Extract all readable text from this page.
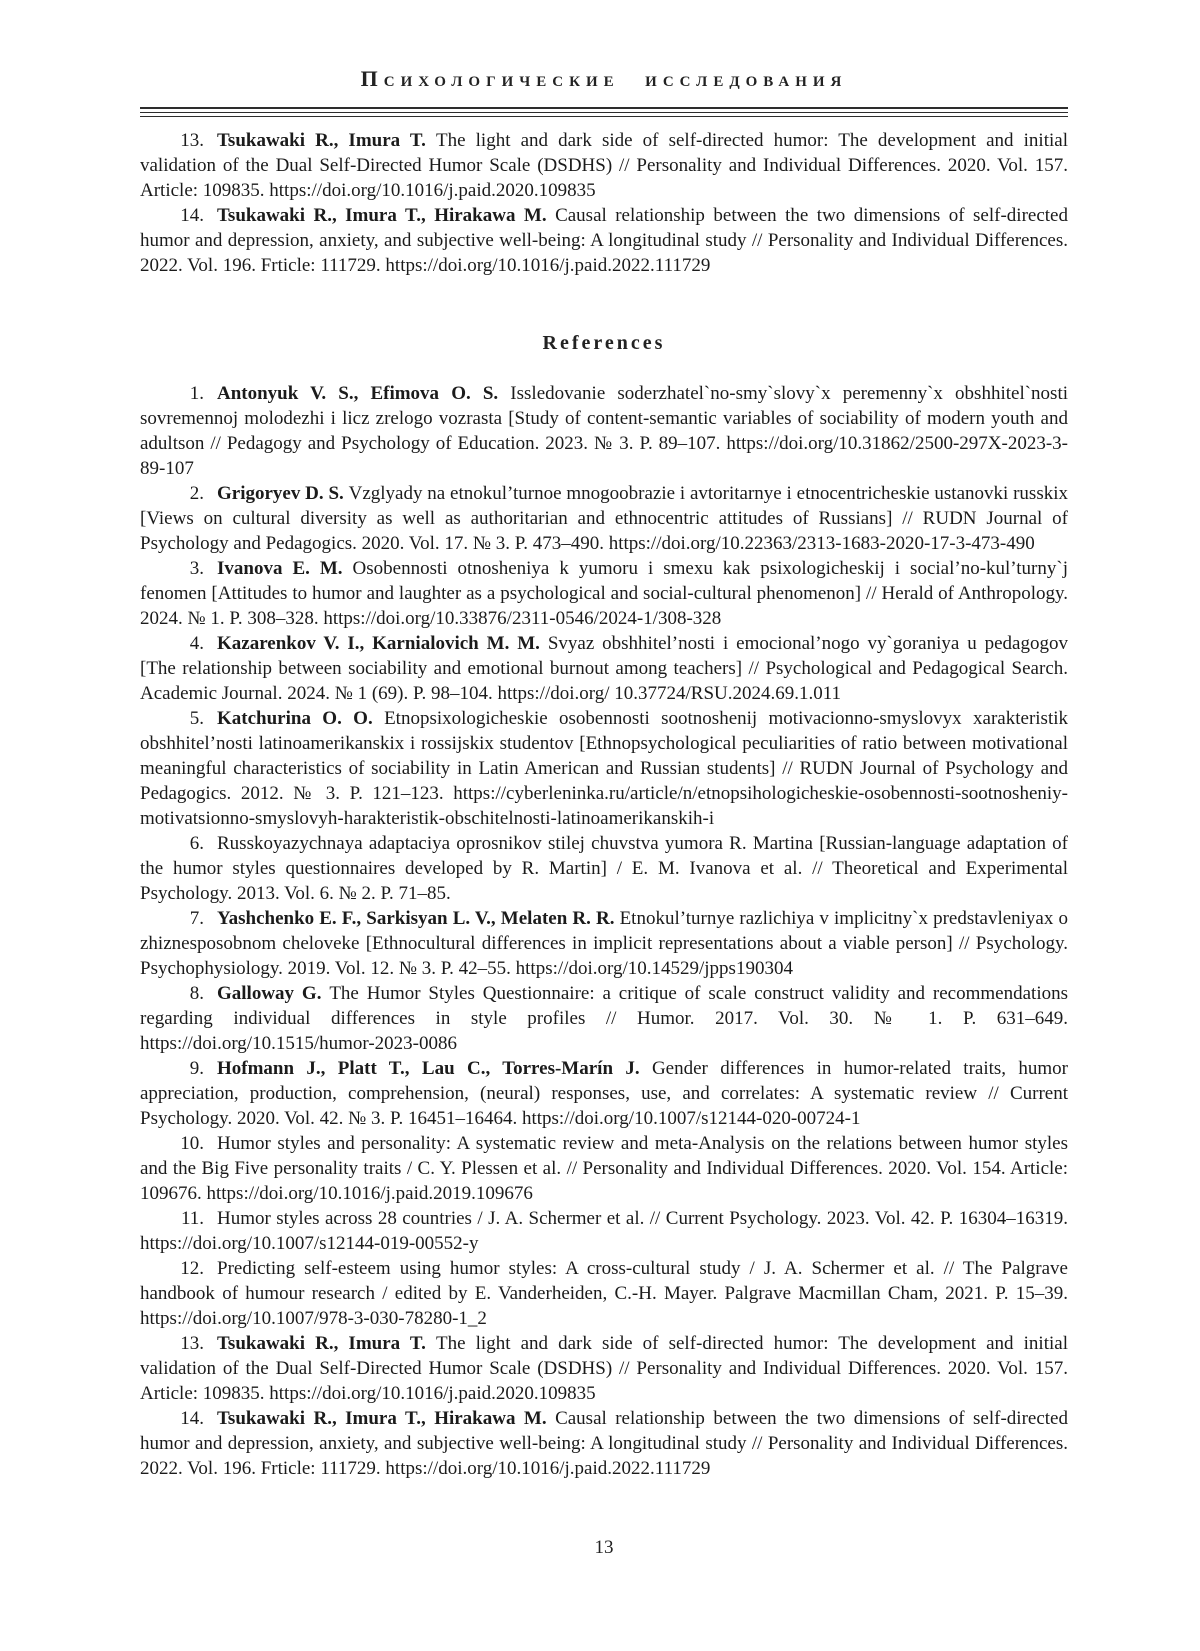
Психологические исследования

13. Tsukawaki R., Imura T. The light and dark side of self-directed humor: The development and initial validation of the Dual Self-Directed Humor Scale (DSDHS) // Personality and Individual Differences. 2020. Vol. 157. Article: 109835. https://doi.org/10.1016/j.paid.2020.109835

14. Tsukawaki R., Imura T., Hirakawa M. Causal relationship between the two dimensions of self-directed humor and depression, anxiety, and subjective well-being: A longitudinal study // Personality and Individual Differences. 2022. Vol. 196. Frticle: 111729. https://doi.org/10.1016/j.paid.2022.111729

References

1. Antonyuk V. S., Efimova O. S. Issledovanie soderzhatel`no-smy`slovy`x peremenny`x obshhitel`nosti sovremennoj molodezhi i licz zrelogo vozrasta [Study of content-semantic variables of sociability of modern youth and adultson // Pedagogy and Psychology of Education. 2023. № 3. P. 89–107. https://doi.org/10.31862/2500-297X-2023-3-89-107

2. Grigoryev D. S. Vzglyady na etnokul’turnoe mnogoobrazie i avtoritarnye i etnocentricheskie ustanovki russkix [Views on cultural diversity as well as authoritarian and ethnocentric attitudes of Russians] // RUDN Journal of Psychology and Pedagogics. 2020. Vol. 17. № 3. P. 473–490. https://doi.org/10.22363/2313-1683-2020-17-3-473-490

3. Ivanova E. M. Osobennosti otnosheniya k yumoru i smexu kak psixologicheskij i social’no-kul’turny`j fenomen [Attitudes to humor and laughter as a psychological and social-cultural phenomenon] // Herald of Anthropology. 2024. № 1. P. 308–328. https://doi.org/10.33876/2311-0546/2024-1/308-328

4. Kazarenkov V. I., Karnialovich M. M. Svyaz obshhitel’nosti i emocional’nogo vy`goraniya u pedagogov [The relationship between sociability and emotional burnout among teachers] // Psychological and Pedagogical Search. Academic Journal. 2024. № 1 (69). P. 98–104. https://doi.org/ 10.37724/RSU.2024.69.1.011

5. Katchurina O. O. Etnopsixologicheskie osobennosti sootnoshenij motivacionno-smyslovyx xarakteristik obshhitel’nosti latinoamerikanskix i rossijskix studentov [Ethnopsychological peculiarities of ratio between motivational meaningful characteristics of sociability in Latin American and Russian students] // RUDN Journal of Psychology and Pedagogics. 2012. № 3. P. 121–123. https://cyberleninka.ru/article/n/etnopsihologicheskie-osobennosti-sootnosheniy-motivatsionno-smyslovyh-harakteristik-obschitelnosti-latinoamerikanskih-i

6. Russkoyazychnaya adaptaciya oprosnikov stilej chuvstva yumora R. Martina [Russian-language adaptation of the humor styles questionnaires developed by R. Martin] / E. M. Ivanova et al. // Theoretical and Experimental Psychology. 2013. Vol. 6. № 2. P. 71–85.

7. Yashchenko E. F., Sarkisyan L. V., Melaten R. R. Etnokul’turnye razlichiya v implicitny`x predstavleniyax o zhiznesposobnom cheloveke [Ethnocultural differences in implicit representations about a viable person] // Psychology. Psychophysiology. 2019. Vol. 12. № 3. P. 42–55. https://doi.org/10.14529/jpps190304

8. Galloway G. The Humor Styles Questionnaire: a critique of scale construct validity and recommendations regarding individual differences in style profiles // Humor. 2017. Vol. 30. № 1. P. 631–649. https://doi.org/10.1515/humor-2023-0086

9. Hofmann J., Platt T., Lau C., Torres-Marín J. Gender differences in humor-related traits, humor appreciation, production, comprehension, (neural) responses, use, and correlates: A systematic review // Current Psychology. 2020. Vol. 42. № 3. P. 16451–16464. https://doi.org/10.1007/s12144-020-00724-1

10. Humor styles and personality: A systematic review and meta-Analysis on the relations between humor styles and the Big Five personality traits / C. Y. Plessen et al. // Personality and Individual Differences. 2020. Vol. 154. Article: 109676. https://doi.org/10.1016/j.paid.2019.109676

11. Humor styles across 28 countries / J. A. Schermer et al. // Current Psychology. 2023. Vol. 42. P. 16304–16319. https://doi.org/10.1007/s12144-019-00552-y

12. Predicting self-esteem using humor styles: A cross-cultural study / J. A. Schermer et al. // The Palgrave handbook of humour research / edited by E. Vanderheiden, C.-H. Mayer. Palgrave Macmillan Cham, 2021. P. 15–39. https://doi.org/10.1007/978-3-030-78280-1_2

13. Tsukawaki R., Imura T. The light and dark side of self-directed humor: The development and initial validation of the Dual Self-Directed Humor Scale (DSDHS) // Personality and Individual Differences. 2020. Vol. 157. Article: 109835. https://doi.org/10.1016/j.paid.2020.109835

14. Tsukawaki R., Imura T., Hirakawa M. Causal relationship between the two dimensions of self-directed humor and depression, anxiety, and subjective well-being: A longitudinal study // Personality and Individual Differences. 2022. Vol. 196. Frticle: 111729. https://doi.org/10.1016/j.paid.2022.111729

13
